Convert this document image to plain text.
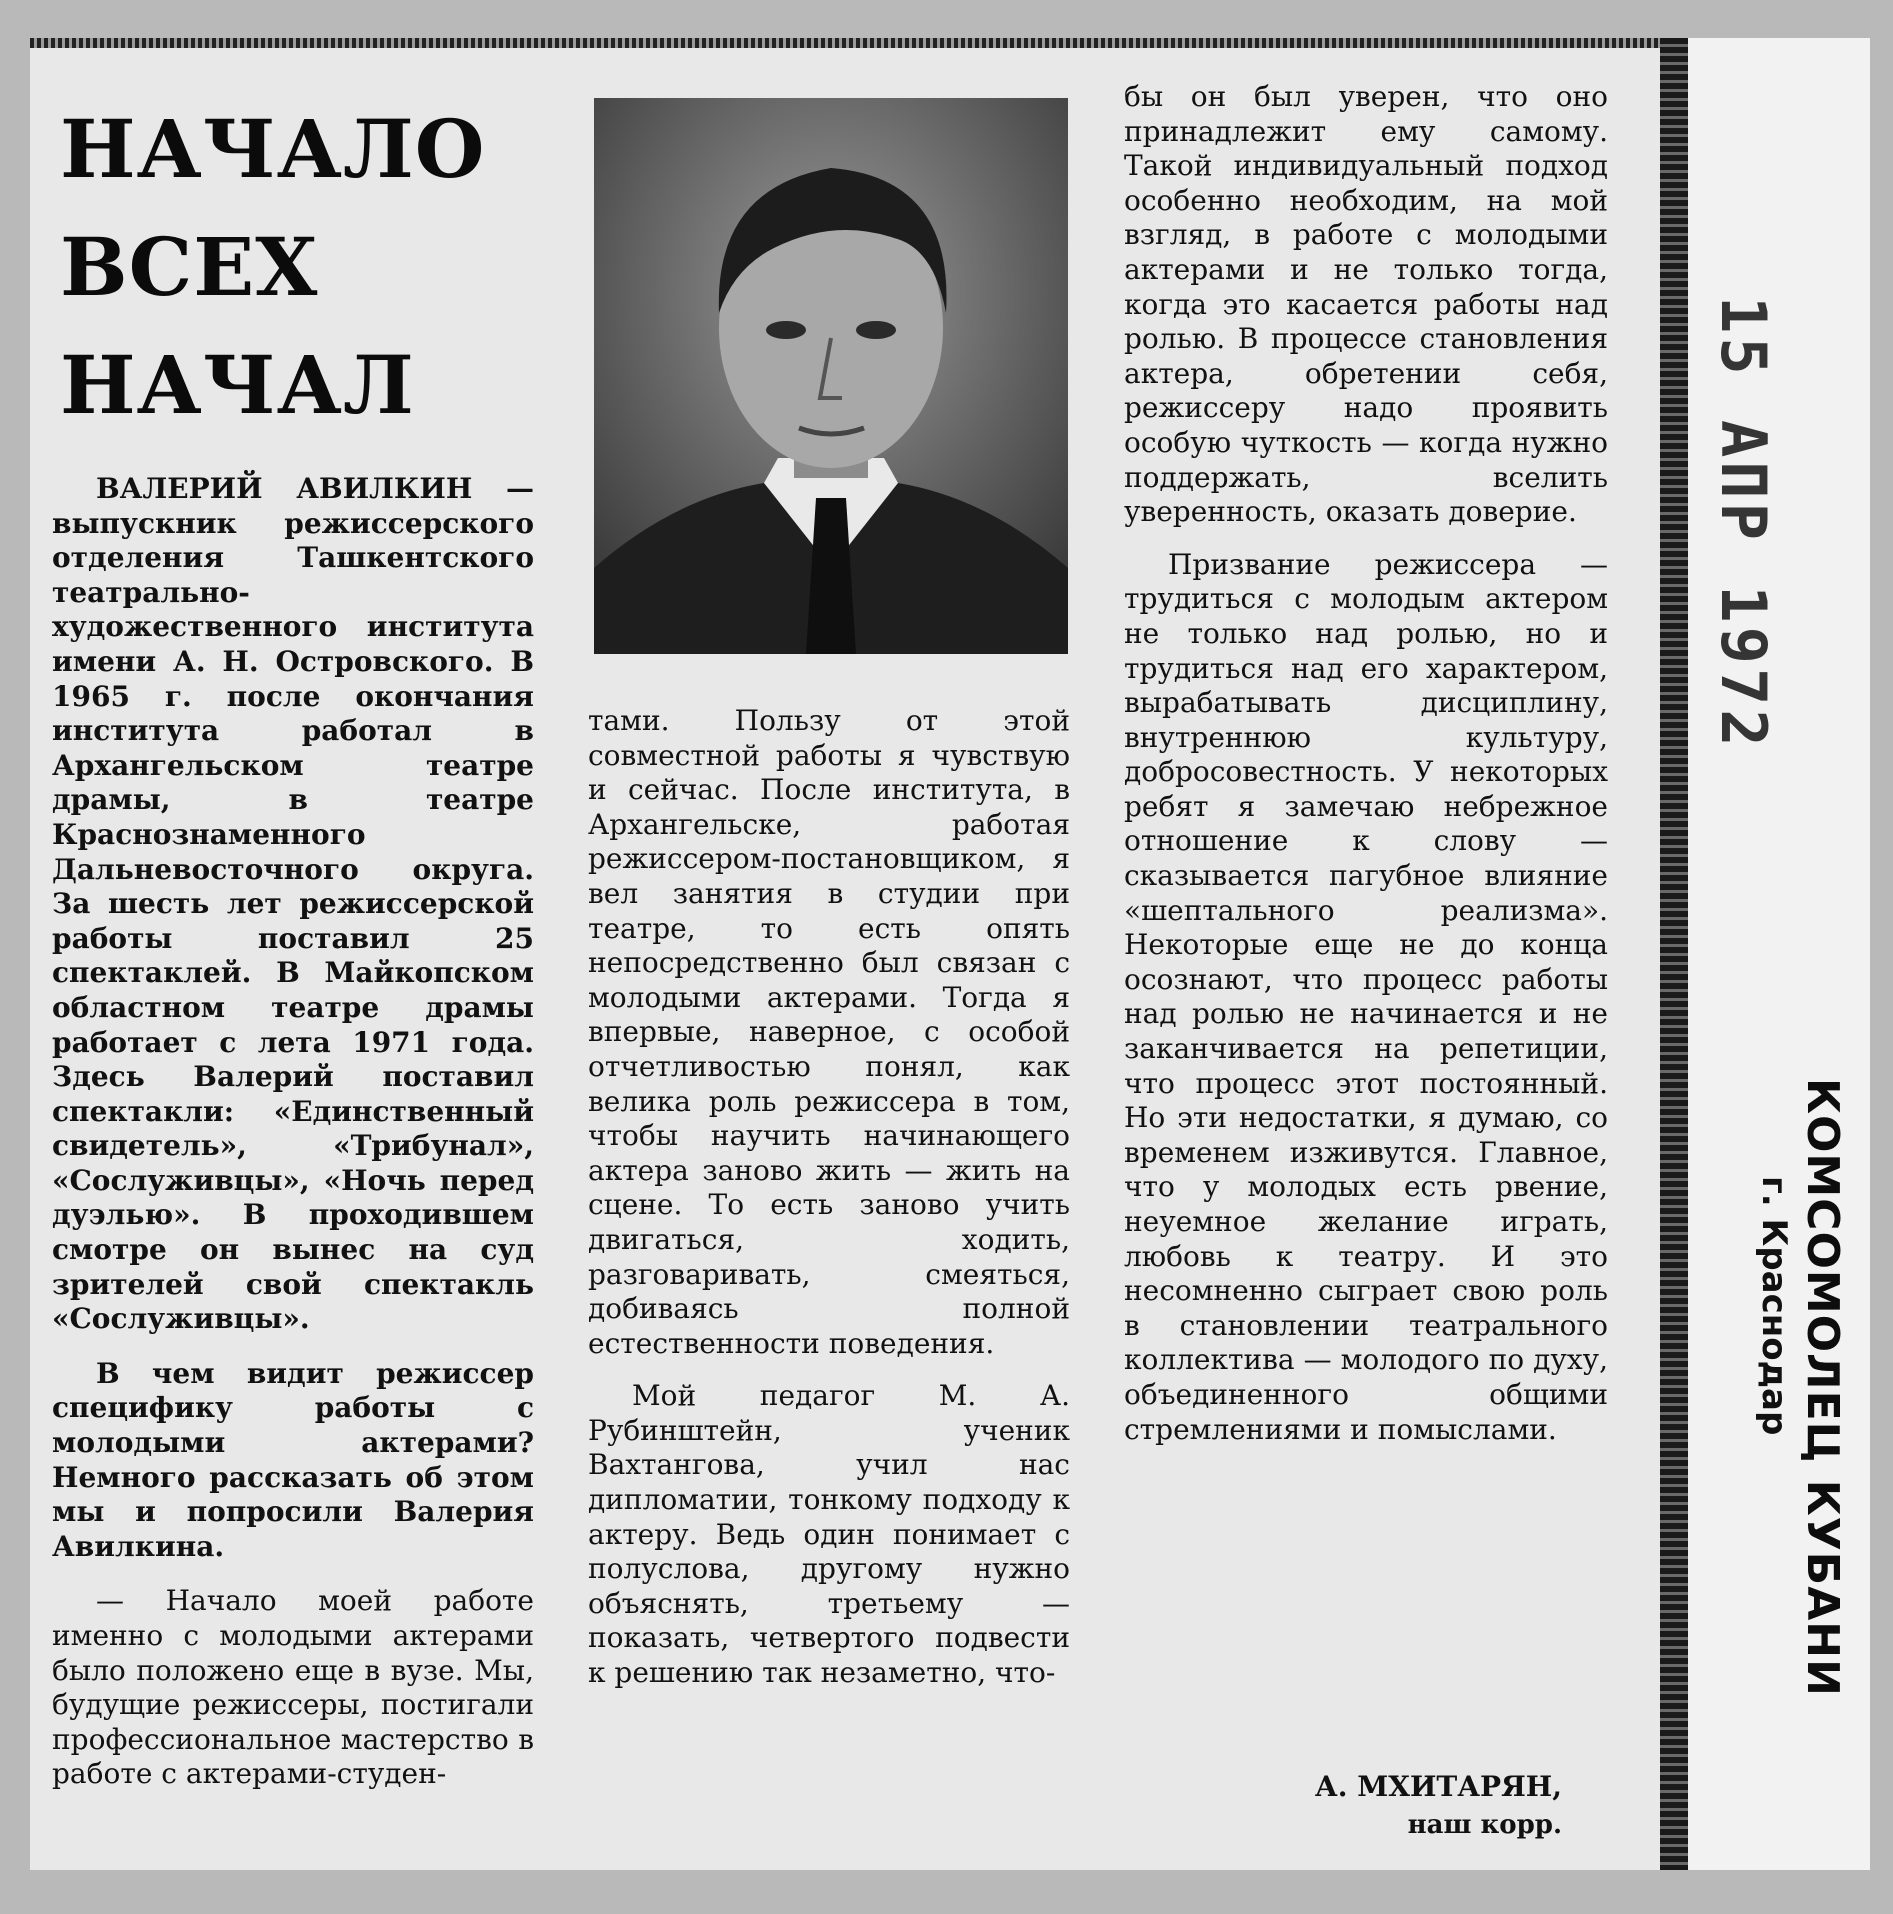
НАЧАЛО
ВСЕХ
НАЧАЛ

ВАЛЕРИЙ АВИЛКИН — выпускник режиссерского отделения Ташкентского театрально-художественного института имени А. Н. Островского. В 1965 г. после окончания института работал в Архангельском театре драмы, в театре Краснознаменного Дальневосточного округа. За шесть лет режиссерской работы поставил 25 спектаклей. В Майкопском областном театре драмы работает с лета 1971 года. Здесь Валерий поставил спектакли: «Единственный свидетель», «Трибунал», «Сослуживцы», «Ночь перед дуэлью». В проходившем смотре он вынес на суд зрителей свой спектакль «Сослуживцы».

В чем видит режиссер специфику работы с молодыми актерами? Немного рассказать об этом мы и попросили Валерия Авилкина.

— Начало моей работе именно с молодыми актерами было положено еще в вузе. Мы, будущие режиссеры, постигали профессиональное мастерство в работе с актерами-студен-

тами. Пользу от этой совместной работы я чувствую и сейчас. После института, в Архангельске, работая режиссером-постановщиком, я вел занятия в студии при театре, то есть опять непосредственно был связан с молодыми актерами. Тогда я впервые, наверное, с особой отчетливостью понял, как велика роль режиссера в том, чтобы научить начинающего актера заново жить — жить на сцене. То есть заново учить двигаться, ходить, разговаривать, смеяться, добиваясь полной естественности поведения.

Мой педагог М. А. Рубинштейн, ученик Вахтангова, учил нас дипломатии, тонкому подходу к актеру. Ведь один понимает с полуслова, другому нужно объяснять, третьему — показать, четвертого подвести к решению так незаметно, что-

бы он был уверен, что оно принадлежит ему самому. Такой индивидуальный подход особенно необходим, на мой взгляд, в работе с молодыми актерами и не только тогда, когда это касается работы над ролью. В процессе становления актера, обретении себя, режиссеру надо проявить особую чуткость — когда нужно поддержать, вселить уверенность, оказать доверие.

Призвание режиссера — трудиться с молодым актером не только над ролью, но и трудиться над его характером, вырабатывать дисциплину, внутреннюю культуру, добросовестность. У некоторых ребят я замечаю небрежное отношение к слову — сказывается пагубное влияние «шептального реализма». Некоторые еще не до конца осознают, что процесс работы над ролью не начинается и не заканчивается на репетиции, что процесс этот постоянный. Но эти недостатки, я думаю, со временем изживутся. Главное, что у молодых есть рвение, неуемное желание играть, любовь к театру. И это несомненно сыграет свою роль в становлении театрального коллектива — молодого по духу, объединенного общими стремлениями и помыслами.

А. МХИТАРЯН,
наш корр.
15 АПР 1972
КОМСОМОЛЕЦ КУБАНИ
г. Краснодар
